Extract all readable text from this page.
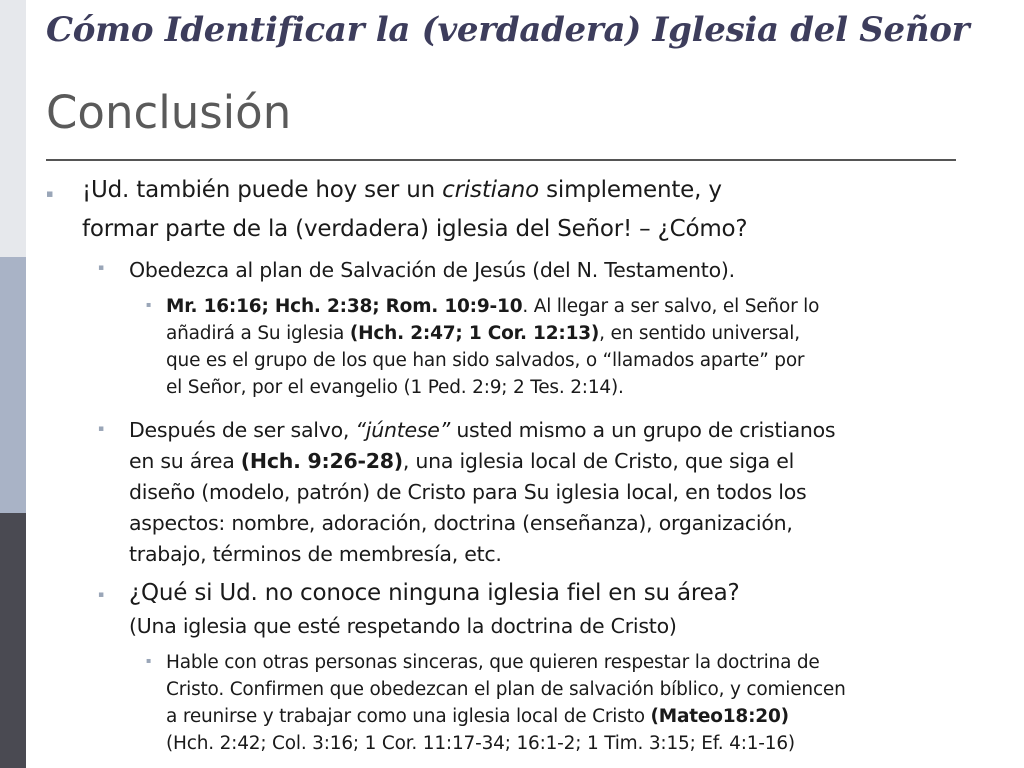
Cómo Identificar la (verdadera) Iglesia del Señor
Conclusión
▪ ¡Ud. también puede hoy ser un cristiano simplemente, y
formar parte de la (verdadera) iglesia del Señor! – ¿Cómo?
▪ Obedezca al plan de Salvación de Jesús (del N. Testamento).
▪ Mr. 16:16; Hch. 2:38; Rom. 10:9-10. Al llegar a ser salvo, el Señor lo
añadirá a Su iglesia (Hch. 2:47; 1 Cor. 12:13), en sentido universal,
que es el grupo de los que han sido salvados, o “llamados aparte” por
el Señor, por el evangelio (1 Ped. 2:9; 2 Tes. 2:14).
▪ Después de ser salvo, “júntese” usted mismo a un grupo de cristianos
en su área (Hch. 9:26-28), una iglesia local de Cristo, que siga el
diseño (modelo, patrón) de Cristo para Su iglesia local, en todos los
aspectos: nombre, adoración, doctrina (enseñanza), organización,
trabajo, términos de membresía, etc.
▪ ¿Qué si Ud. no conoce ninguna iglesia fiel en su área?
(Una iglesia que esté respetando la doctrina de Cristo)
▪ Hable con otras personas sinceras, que quieren respestar la doctrina de
Cristo. Confirmen que obedezcan el plan de salvación bíblico, y comiencen
a reunirse y trabajar como una iglesia local de Cristo (Mateo18:20)
(Hch. 2:42; Col. 3:16; 1 Cor. 11:17-34; 16:1-2; 1 Tim. 3:15; Ef. 4:1-16)
